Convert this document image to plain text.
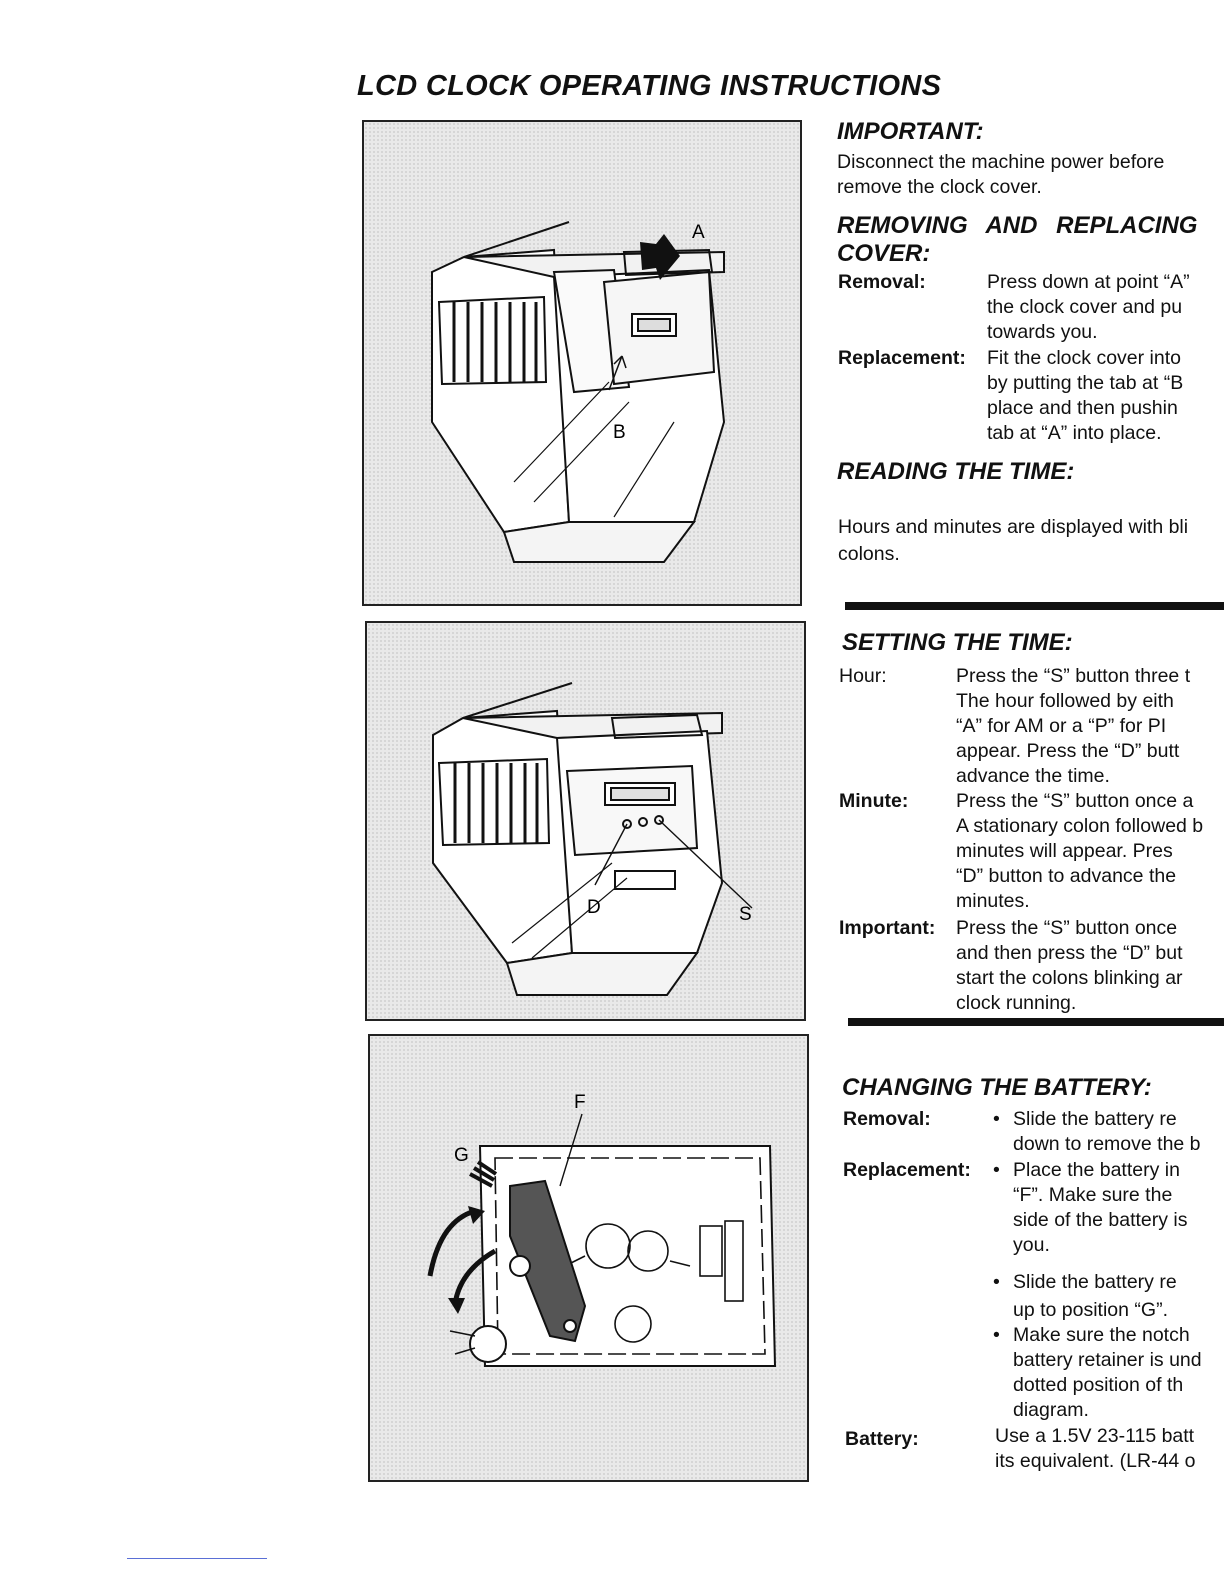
LCD CLOCK OPERATING INSTRUCTIONS
A
B
D	S
G
F
IMPORTANT:
Disconnect the machine power before
remove the clock cover.
REMOVING AND REPLACING
COVER:
Removal:	Press down at point “A”
the clock cover and pu
towards you.
Replacement: Fit the clock cover into
by putting the tab at “B
place and then pushin
tab at “A” into place.
READING THE TIME:
Hours and minutes are displayed with bli
colons.
SETTING THE TIME:
Hour:	Press the “S” button three t
The hour followed by eith
“A” for AM or a “P” for PI
appear. Press the “D” butt
advance the time.
Minute: Press the “S” button once a
A stationary colon followed b
minutes will appear. Pres
“D” button to advance the
minutes.
Important: Press the “S” button once
and then press the “D” but
start the colons blinking ar
clock running.
CHANGING THE BATTERY:
Removal:	• Slide the battery re
down to remove the b
Replacement: • Place the battery in
“F”. Make sure the
side of the battery is
you.
• Slide the battery re
up to position “G”.
• Make sure the notch
battery retainer is und
dotted position of th
diagram.
Battery:	Use a 1.5V 23-115 batt
its equivalent. (LR-44 o
